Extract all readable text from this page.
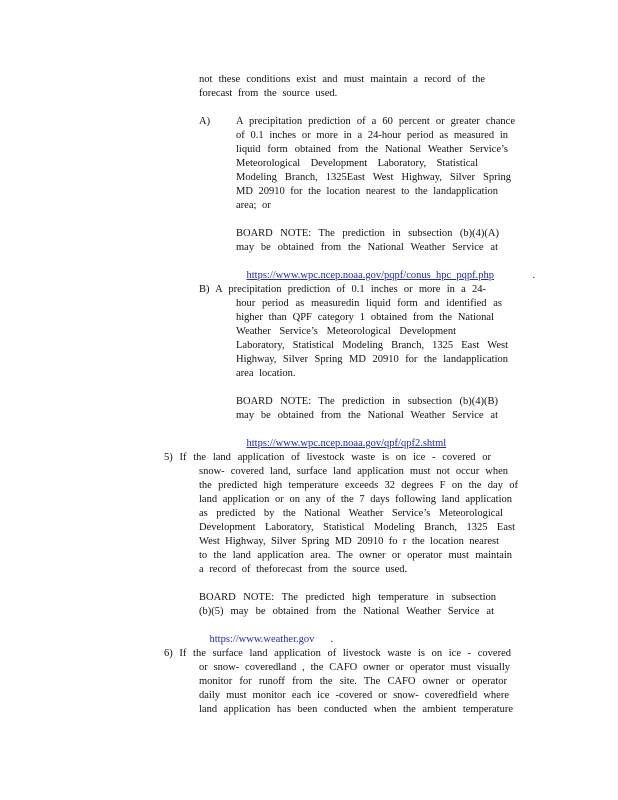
not these conditions exist and must maintain a record of the
forecast from the source used.
A) A precipitation prediction of a 60 percent or greater chance
of 0.1 inches or more in a 24-hour period as measured in
liquid form obtained from the National Weather Service’s
Meteorological Development Laboratory, Statistical
Modeling Branch, 1325East West Highway, Silver Spring
MD 20910 for the location nearest to the landapplication
area; or
BOARD NOTE: The prediction in subsection (b)(4)(A)
may be obtained from the National Weather Service at

https://www.wpc.ncep.noaa.gov/pqpf/conus_hpc_pqpf.php	.

B) A precipitation prediction of 0.1 inches or more in a 24-
hour period as measuredin liquid form and identified as
higher than QPF category 1 obtained from the National
Weather Service’s Meteorological Development
Laboratory, Statistical Modeling Branch, 1325 East West
Highway, Silver Spring MD 20910 for the landapplication
area location.
BOARD NOTE: The prediction in subsection (b)(4)(B)
may be obtained from the National Weather Service at

https://www.wpc.ncep.noaa.gov/qpf/qpf2.shtml

5) If the land application of livestock waste is on ice - covered or
snow- covered land, surface land application must not occur when
the predicted high temperature exceeds 32 degrees F on the day of
land application or on any of the 7 days following land application
as predicted by the National Weather Service’s Meteorological
Development Laboratory, Statistical Modeling Branch, 1325 East
West Highway, Silver Spring MD 20910 fo r the location nearest
to the land application area. The owner or operator must maintain
a record of theforecast from the source used.
BOARD NOTE: The predicted high temperature in subsection
(b)(5) may be obtained from the National Weather Service at

https://www.weather.gov .

6) If the surface land application of livestock waste is on ice - covered
or snow- coveredland , the CAFO owner or operator must visually
monitor for runoff from the site. The CAFO owner or operator
daily must monitor each ice -covered or snow- coveredfield where
land application has been conducted when the ambient temperature
